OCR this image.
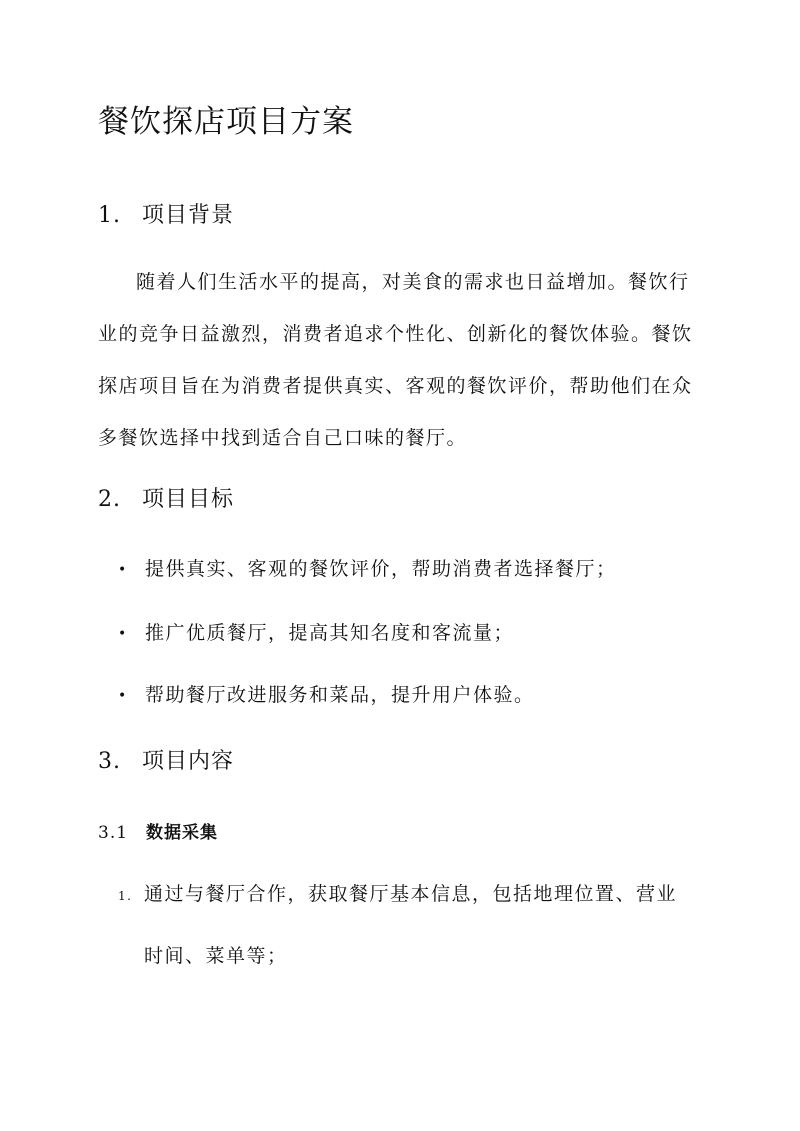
餐饮探店项目方案
1. 项目背景
随着人们生活水平的提高，对美食的需求也日益增加。餐饮行
业的竞争日益激烈，消费者追求个性化、创新化的餐饮体验。餐饮
探店项目旨在为消费者提供真实、客观的餐饮评价，帮助他们在众
多餐饮选择中找到适合自己口味的餐厅。
2. 项目目标
• 提供真实、客观的餐饮评价，帮助消费者选择餐厅；
• 推广优质餐厅，提高其知名度和客流量；
• 帮助餐厅改进服务和菜品，提升用户体验。
3. 项目内容
3.1 数据采集
1. 通过与餐厅合作，获取餐厅基本信息，包括地理位置、营业
时间、菜单等；
